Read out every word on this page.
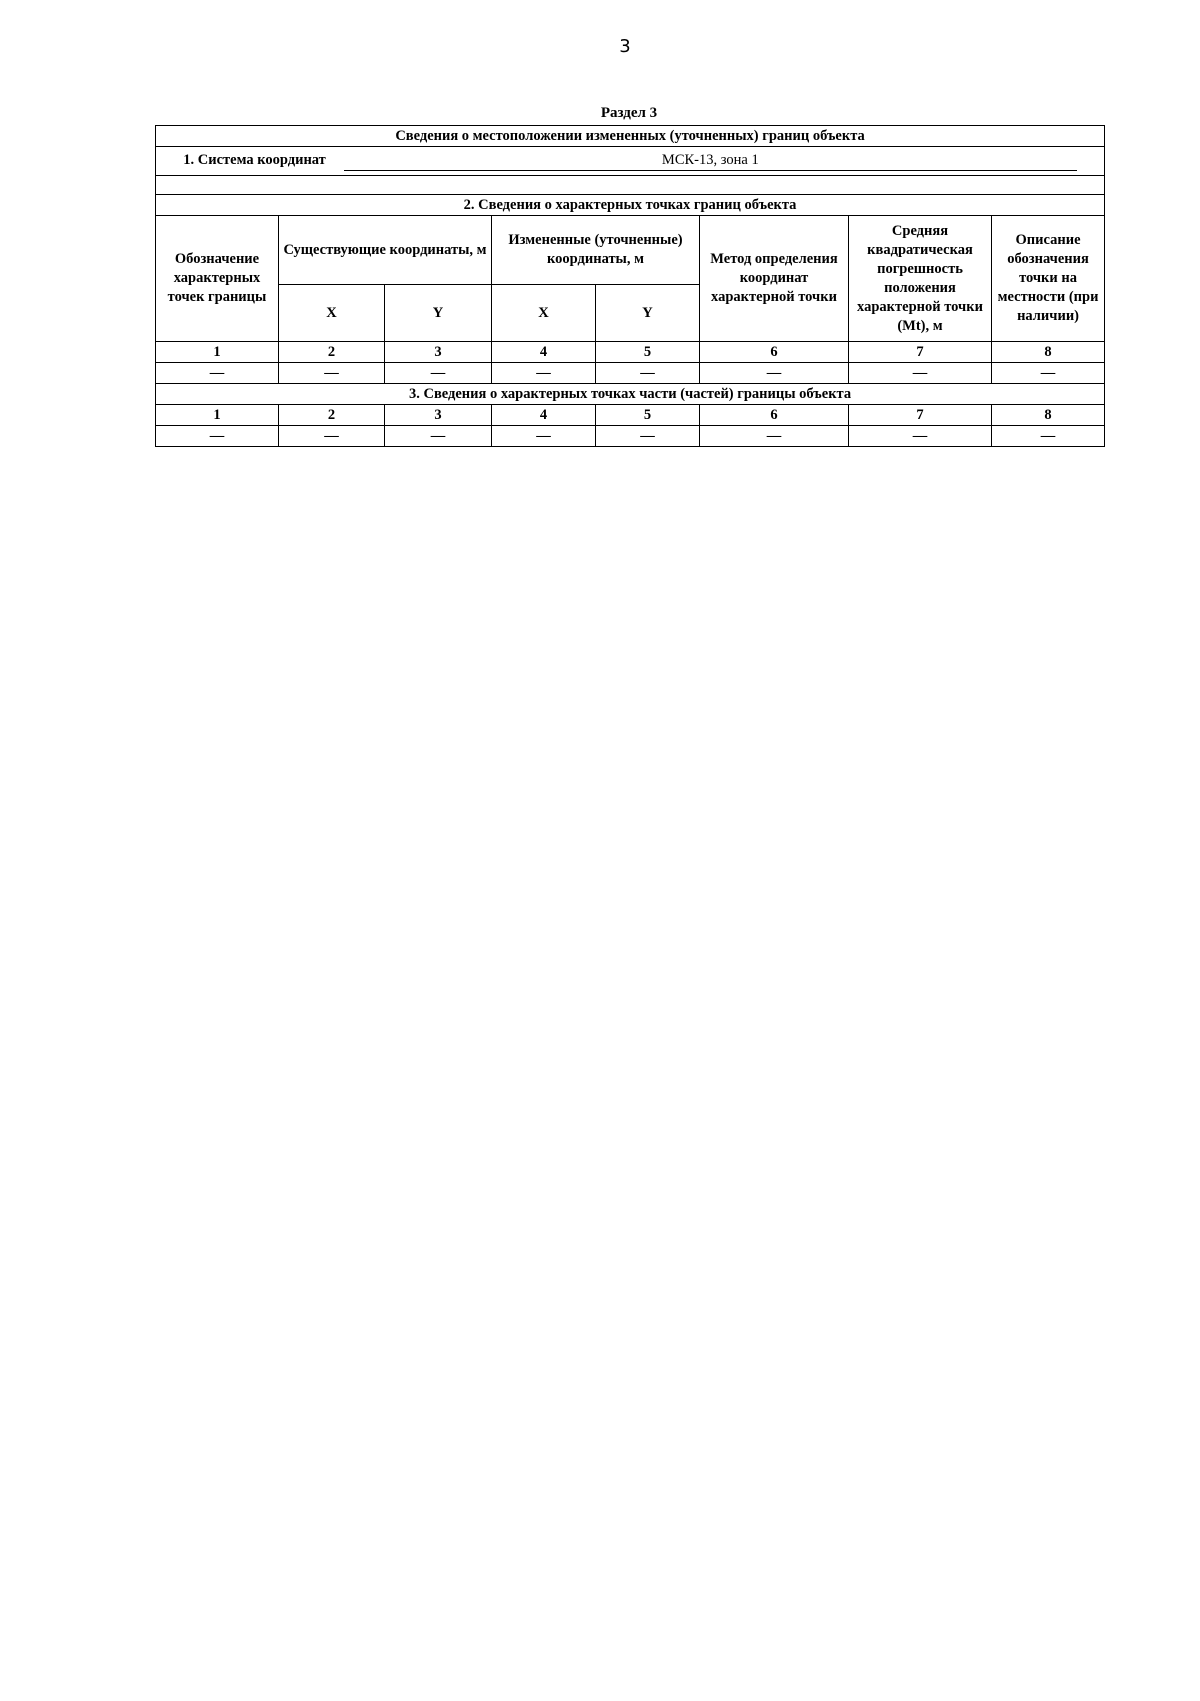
3
Раздел 3
Сведения о местоположении измененных (уточненных) границ объекта							
1. Система координат МСК-13, зона 1							

2. Сведения о характерных точках границ объекта							
Обозначение характерных точек границы	Существующие координаты, м		Измененные (уточненные) координаты, м		Метод определения координат характерной точки	Средняя квадратическая погрешность положения характерной точки (Mt), м	Описание обозначения точки на местности (при наличии)
	X	Y	X	Y			
1	2	3	4	5	6	7	8
—	—	—	—	—	—	—	—
3. Сведения о характерных точках части (частей) границы объекта							
1	2	3	4	5	6	7	8
—	—	—	—	—	—	—	—
